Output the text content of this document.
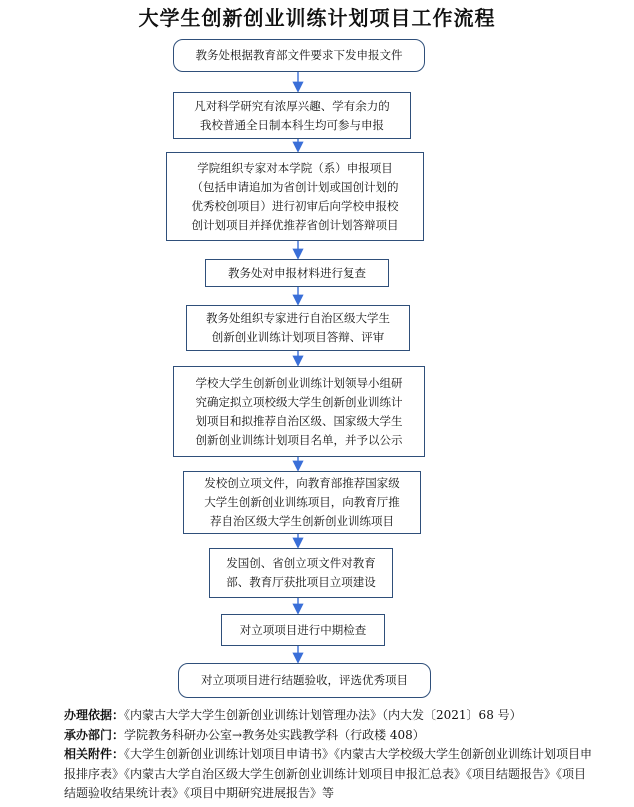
大学生创新创业训练计划项目工作流程
教务处根据教育部文件要求下发申报文件
凡对科学研究有浓厚兴趣、学有余力的
我校普通全日制本科生均可参与申报
学院组织专家对本学院（系）申报项目
（包括申请追加为省创计划或国创计划的
优秀校创项目）进行初审后向学校申报校
创计划项目并择优推荐省创计划答辩项目
教务处对申报材料进行复查
教务处组织专家进行自治区级大学生
创新创业训练计划项目答辩、评审
学校大学生创新创业训练计划领导小组研
究确定拟立项校级大学生创新创业训练计
划项目和拟推荐自治区级、国家级大学生
创新创业训练计划项目名单，并予以公示
发校创立项文件，向教育部推荐国家级
大学生创新创业训练项目，向教育厅推
荐自治区级大学生创新创业训练项目
发国创、省创立项文件对教育
部、教育厅获批项目立项建设
对立项项目进行中期检查
对立项项目进行结题验收，评选优秀项目
办理依据：《内蒙古大学大学生创新创业训练计划管理办法》（内大发〔2021〕68 号）
承办部门：学院教务科研办公室→教务处实践教学科（行政楼 408）
相关附件：《大学生创新创业训练计划项目申请书》《内蒙古大学校级大学生创新创业训练计划项目申报排序表》《内蒙古大学自治区级大学生创新创业训练计划项目申报汇总表》《项目结题报告》《项目结题验收结果统计表》《项目中期研究进展报告》等
